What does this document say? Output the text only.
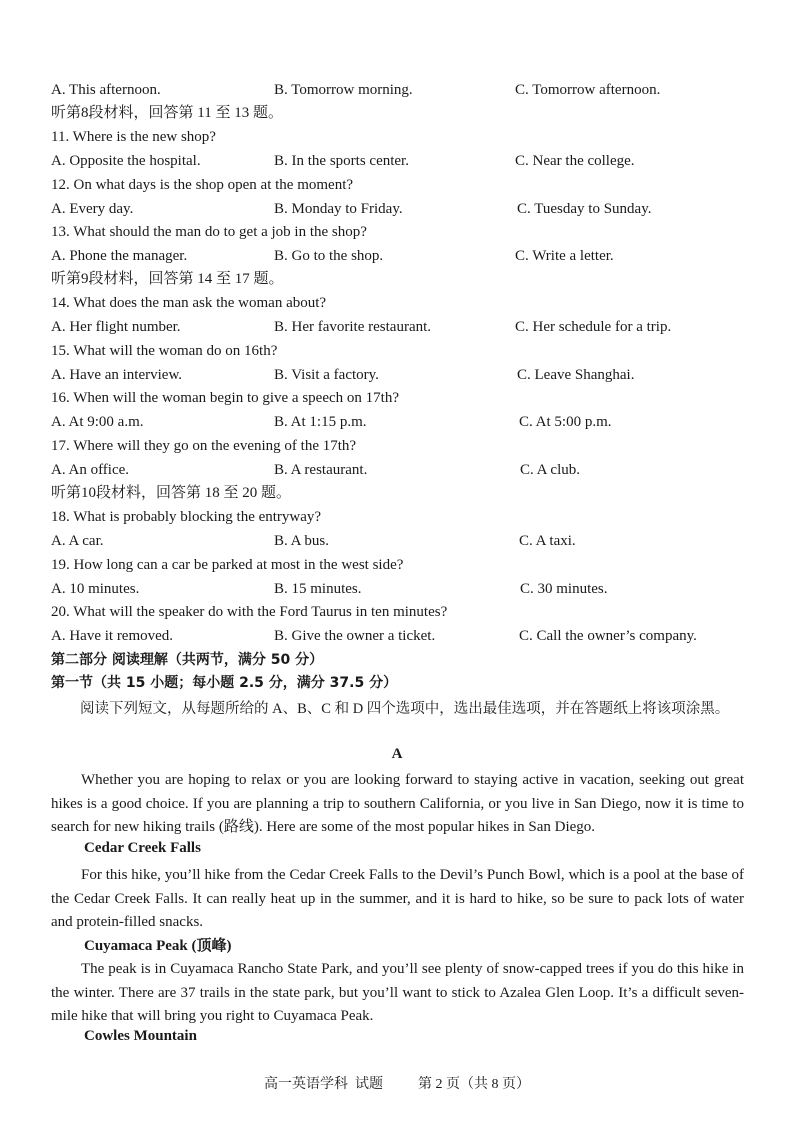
A. This afternoon.	B. Tomorrow morning.	C. Tomorrow afternoon.
听第8段材料，回答第 11 至 13 题。
11. Where is the new shop?
A. Opposite the hospital.	B. In the sports center.	C. Near the college.
12. On what days is the shop open at the moment?
A. Every day.	B. Monday to Friday.	C. Tuesday to Sunday.
13. What should the man do to get a job in the shop?
A. Phone the manager.	B. Go to the shop.	C. Write a letter.
听第9段材料，回答第 14 至 17 题。
14. What does the man ask the woman about?
A. Her flight number.	B. Her favorite restaurant.	C. Her schedule for a trip.
15. What will the woman do on 16th?
A. Have an interview.	B. Visit a factory.	C. Leave Shanghai.
16. When will the woman begin to give a speech on 17th?
A. At 9:00 a.m.	B. At 1:15 p.m.	C. At 5:00 p.m.
17. Where will they go on the evening of the 17th?
A. An office.	B. A restaurant.	C. A club.
听第10段材料，回答第 18 至 20 题。
18. What is probably blocking the entryway?
A. A car.	B. A bus.	C. A taxi.
19. How long can a car be parked at most in the west side?
A. 10 minutes.	B. 15 minutes.	C. 30 minutes.
20. What will the speaker do with the Ford Taurus in ten minutes?
A. Have it removed.	B. Give the owner a ticket.	C. Call the owner’s company.
第二部分 阅读理解（共两节，满分 50 分）
第一节（共 15 小题；每小题 2.5 分，满分 37.5 分）
阅读下列短文，从每题所给的 A、B、C 和 D 四个选项中，选出最佳选项，并在答题纸上将该项涂黑。
A
Whether you are hoping to relax or you are looking forward to staying active in vacation, seeking out great hikes is a good choice. If you are planning a trip to southern California, or you live in San Diego, now it is time to search for new hiking trails (路线). Here are some of the most popular hikes in San Diego.
Cedar Creek Falls
For this hike, you’ll hike from the Cedar Creek Falls to the Devil’s Punch Bowl, which is a pool at the base of the Cedar Creek Falls. It can really heat up in the summer, and it is hard to hike, so be sure to pack lots of water and protein-filled snacks.
Cuyamaca Peak (顶峰)
The peak is in Cuyamaca Rancho State Park, and you’ll see plenty of snow-capped trees if you do this hike in the winter. There are 37 trails in the state park, but you’ll want to stick to Azalea Glen Loop. It’s a difficult seven-mile hike that will bring you right to Cuyamaca Peak.
Cowles Mountain
高一英语学科  试题	第 2 页（共 8 页）
